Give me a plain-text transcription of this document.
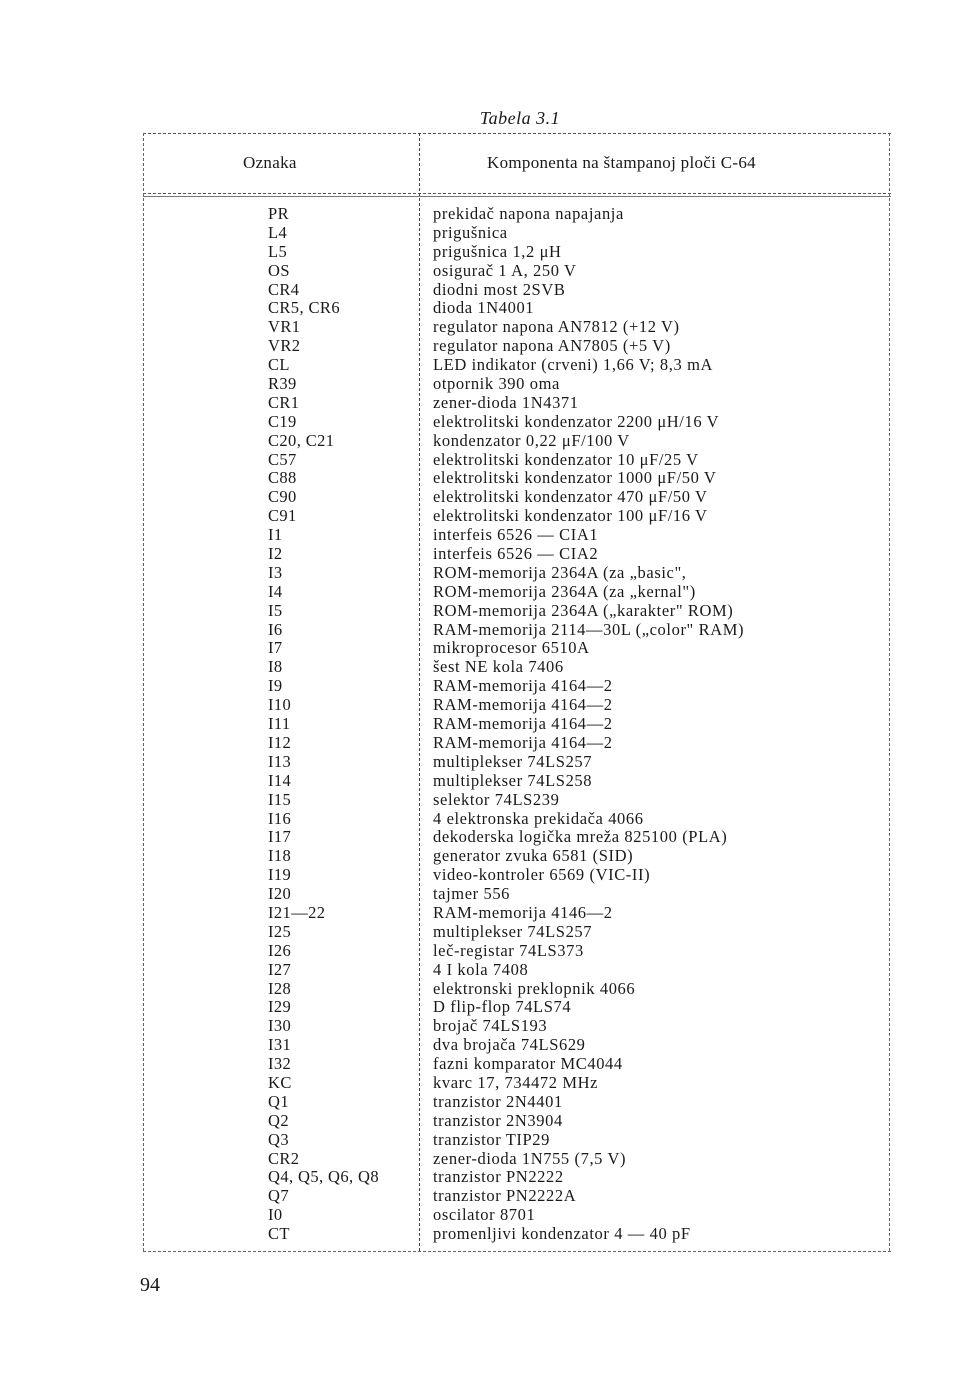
Tabela 3.1
Oznaka	Komponenta na štampanoj ploči C-64
PR	prekidač napona napajanja
L4	prigušnica
L5	prigušnica 1,2 μH
OS	osigurač 1 A, 250 V
CR4	diodni most 2SVB
CR5, CR6	dioda 1N4001
VR1	regulator napona AN7812 (+12 V)
VR2	regulator napona AN7805 (+5 V)
CL	LED indikator (crveni) 1,66 V; 8,3 mA
R39	otpornik 390 oma
CR1	zener-dioda 1N4371
C19	elektrolitski kondenzator 2200 μH/16 V
C20, C21	kondenzator 0,22 μF/100 V
C57	elektrolitski kondenzator 10 μF/25 V
C88	elektrolitski kondenzator 1000 μF/50 V
C90	elektrolitski kondenzator 470 μF/50 V
C91	elektrolitski kondenzator 100 μF/16 V
I1	interfeis 6526 — CIA1
I2	interfeis 6526 — CIA2
I3	ROM-memorija 2364A (za „basic",
I4	ROM-memorija 2364A (za „kernal")
I5	ROM-memorija 2364A („karakter" ROM)
I6	RAM-memorija 2114—30L („color" RAM)
I7	mikroprocesor 6510A
I8	šest NE kola 7406
I9	RAM-memorija 4164—2
I10	RAM-memorija 4164—2
I11	RAM-memorija 4164—2
I12	RAM-memorija 4164—2
I13	multiplekser 74LS257
I14	multiplekser 74LS258
I15	selektor 74LS239
I16	4 elektronska prekidača 4066
I17	dekoderska logička mreža 825100 (PLA)
I18	generator zvuka 6581 (SID)
I19	video-kontroler 6569 (VIC-II)
I20	tajmer 556
I21—22	RAM-memorija 4146—2
I25	multiplekser 74LS257
I26	leč-registar 74LS373
I27	4 I kola 7408
I28	elektronski preklopnik 4066
I29	D flip-flop 74LS74
I30	brojač 74LS193
I31	dva brojača 74LS629
I32	fazni komparator MC4044
KC	kvarc 17, 734472 MHz
Q1	tranzistor 2N4401
Q2	tranzistor 2N3904
Q3	tranzistor TIP29
CR2	zener-dioda 1N755 (7,5 V)
Q4, Q5, Q6, Q8	tranzistor PN2222
Q7	tranzistor PN2222A
I0	oscilator 8701
CT	promenljivi kondenzator 4 — 40 pF
94
